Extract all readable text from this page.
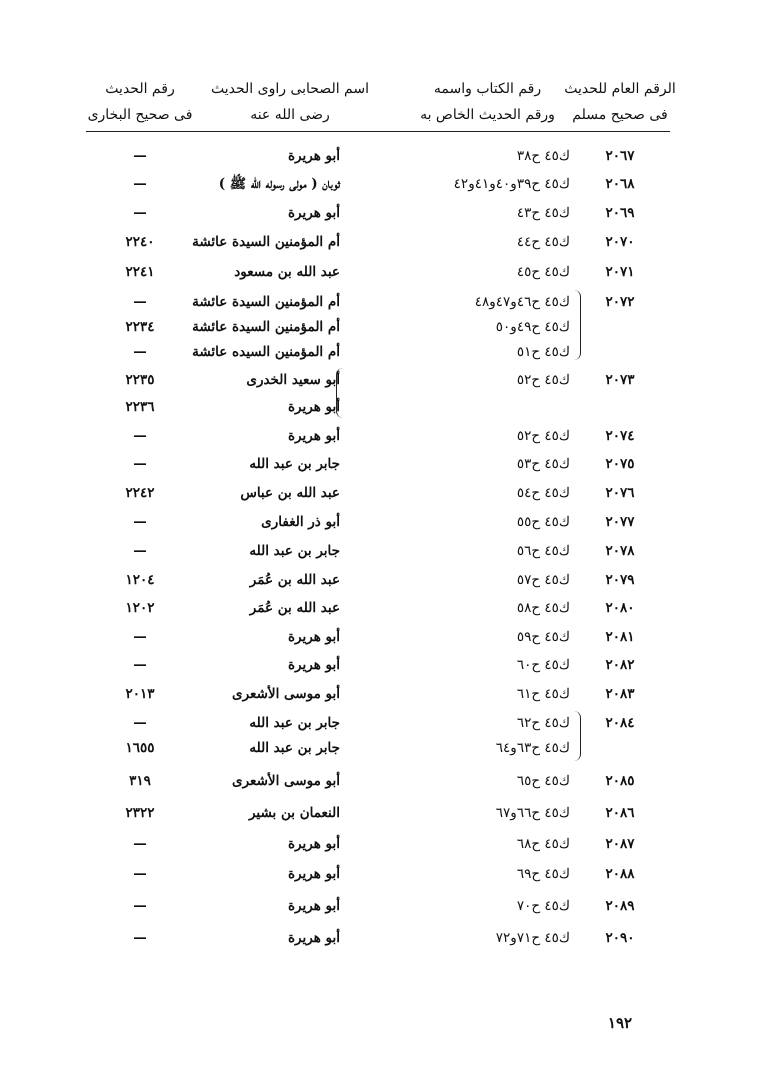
الرقم العام للحديث
فى صحيح مسلم
رقم الكتاب واسمه
ورقم الحديث الخاص به
اسم الصحابى راوى الحديث
رضى الله عنه
رقم الحديث
فى صحيح البخارى
٢٠٦٧
ك٤٥ ح٣٨
أبو هريرة
—
٢٠٦٨
ك٤٥ ح٣٩و٤٠و٤١و٤٢
ثوبان ( مولى رسوله الله ﷺ )
—
٢٠٦٩
ك٤٥ ح٤٣
أبو هريرة
—
٢٠٧٠
ك٤٥ ح٤٤
أم المؤمنين السيدة عائشة
٢٢٤٠
٢٠٧١
ك٤٥ ح٤٥
عبد الله بن مسعود
٢٢٤١
٢٠٧٢
ك٤٥ ح٤٦و٤٧و٤٨
أم المؤمنين السيدة عائشة
—
ك٤٥ ح٤٩و٥٠
أم المؤمنين السيدة عائشة
٢٢٣٤
ك٤٥ ح٥١
أم المؤمنين السيده عائشة
—
٢٠٧٣
ك٤٥ ح٥٢
أبو سعيد الخدرى
٢٢٣٥
أبو هريرة
٢٢٣٦
٢٠٧٤
ك٤٥ ح٥٢
أبو هريرة
—
٢٠٧٥
ك٤٥ ح٥٣
جابر بن عبد الله
—
٢٠٧٦
ك٤٥ ح٥٤
عبد الله بن عباس
٢٢٤٢
٢٠٧٧
ك٤٥ ح٥٥
أبو ذر الغفارى
—
٢٠٧٨
ك٤٥ ح٥٦
جابر بن عبد الله
—
٢٠٧٩
ك٤٥ ح٥٧
عبد الله بن عُمَر
١٢٠٤
٢٠٨٠
ك٤٥ ح٥٨
عبد الله بن عُمَر
١٢٠٢
٢٠٨١
ك٤٥ ح٥٩
أبو هريرة
—
٢٠٨٢
ك٤٥ ح٦٠
أبو هريرة
—
٢٠٨٣
ك٤٥ ح٦١
أبو موسى الأشعرى
٢٠١٣
٢٠٨٤
ك٤٥ ح٦٢
جابر بن عبد الله
—
ك٤٥ ح٦٣و٦٤
جابر بن عبد الله
١٦٥٥
٢٠٨٥
ك٤٥ ح٦٥
أبو موسى الأشعرى
٣١٩
٢٠٨٦
ك٤٥ ح٦٦و٦٧
النعمان بن بشير
٢٣٢٢
٢٠٨٧
ك٤٥ ح٦٨
أبو هريرة
—
٢٠٨٨
ك٤٥ ح٦٩
أبو هريرة
—
٢٠٨٩
ك٤٥ ح٧٠
أبو هريرة
—
٢٠٩٠
ك٤٥ ح٧١و٧٢
أبو هريرة
—
١٩٢
